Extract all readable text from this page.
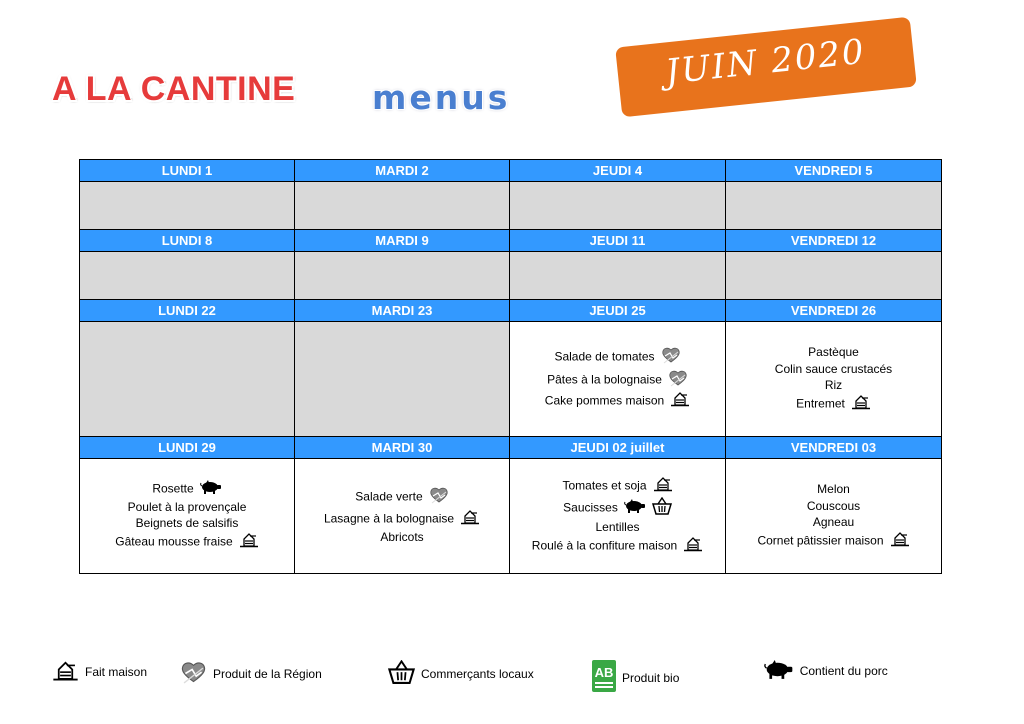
A LA CANTINE menus
JUIN 2020
LUNDI 1	MARDI 2	JEUDI 4	VENDREDI 5

LUNDI 8	MARDI 9	JEUDI 11	VENDREDI 12

LUNDI 22	MARDI 23	JEUDI 25	VENDREDI 26

		Salade de tomates
Pâtes à la bolognaise
Cake pommes maison	Pastèque
Colin sauce crustacés
Riz
Entremet

LUNDI 29	MARDI 30	JEUDI 02 juillet	VENDREDI 03

Rosette
Poulet à la provençale
Beignets de salsifis
Gâteau mousse fraise	Salade verte
Lasagne à la bolognaise
Abricots	Tomates et soja
Saucisses
Lentilles
Roulé à la confiture maison	Melon
Couscous
Agneau
Cornet pâtissier maison
Fait maison	Produit de la Région	Commerçants locaux	AB Produit bio	Contient du porc
